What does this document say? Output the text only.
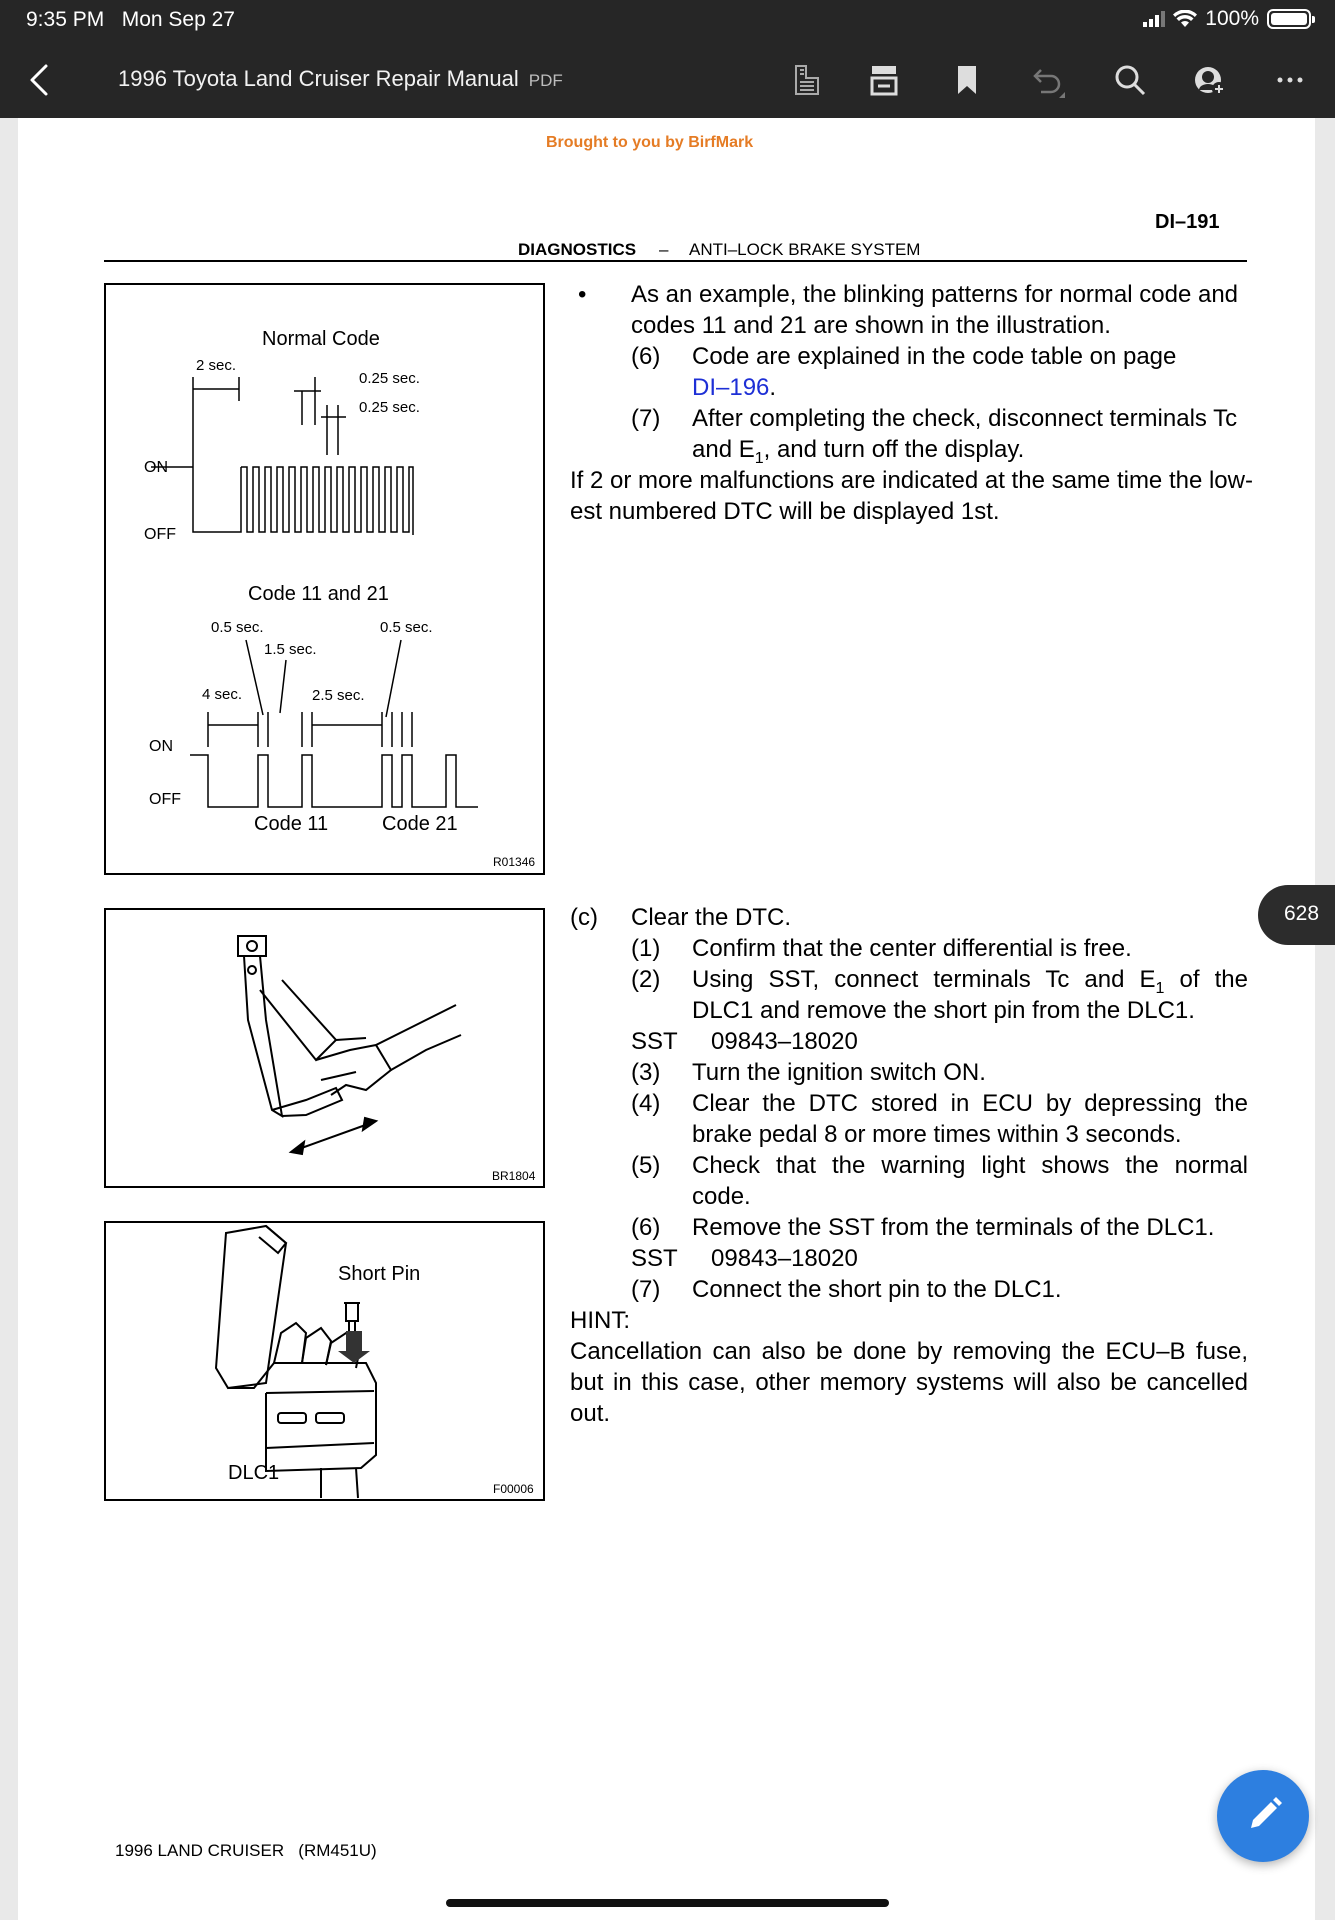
9:35 PM Mon Sep 27	100%
1996 Toyota Land Cruiser Repair Manual PDF
Brought to you by BirfMark
DI–191
DIAGNOSTICS – ANTI–LOCK BRAKE SYSTEM
Normal Code
2 sec.
0.25 sec.
0.25 sec.
ON
OFF
Code 11 and 21
0.5 sec.
1.5 sec.
0.5 sec.
4 sec.	2.5 sec.
ON
OFF
Code 11	Code 21
R01346
BR1804
Short Pin
DLC1
F00006
• As an example, the blinking patterns for normal code and
codes 11 and 21 are shown in the illustration.
(6) Code are explained in the code table on page
DI–196.
(7) After completing the check, disconnect terminals Tc
and $E_1$, and turn off the display.
If 2 or more malfunctions are indicated at the same time the low-
est numbered DTC will be displayed 1st.
(c) Clear the DTC.
(1) Confirm that the center differential is free.
(2) Using SST, connect terminals Tc and $E_1$ of the
DLC1 and remove the short pin from the DLC1.
SST 09843–18020
(3) Turn the ignition switch ON.
(4) Clear the DTC stored in ECU by depressing the
brake pedal 8 or more times within 3 seconds.
(5) Check that the warning light shows the normal
code.
(6) Remove the SST from the terminals of the DLC1.
SST 09843–18020
(7) Connect the short pin to the DLC1.
HINT:
Cancellation can also be done by removing the ECU–B fuse,
but in this case, other memory systems will also be cancelled
out.
1996 LAND CRUISER   (RM451U)
628
